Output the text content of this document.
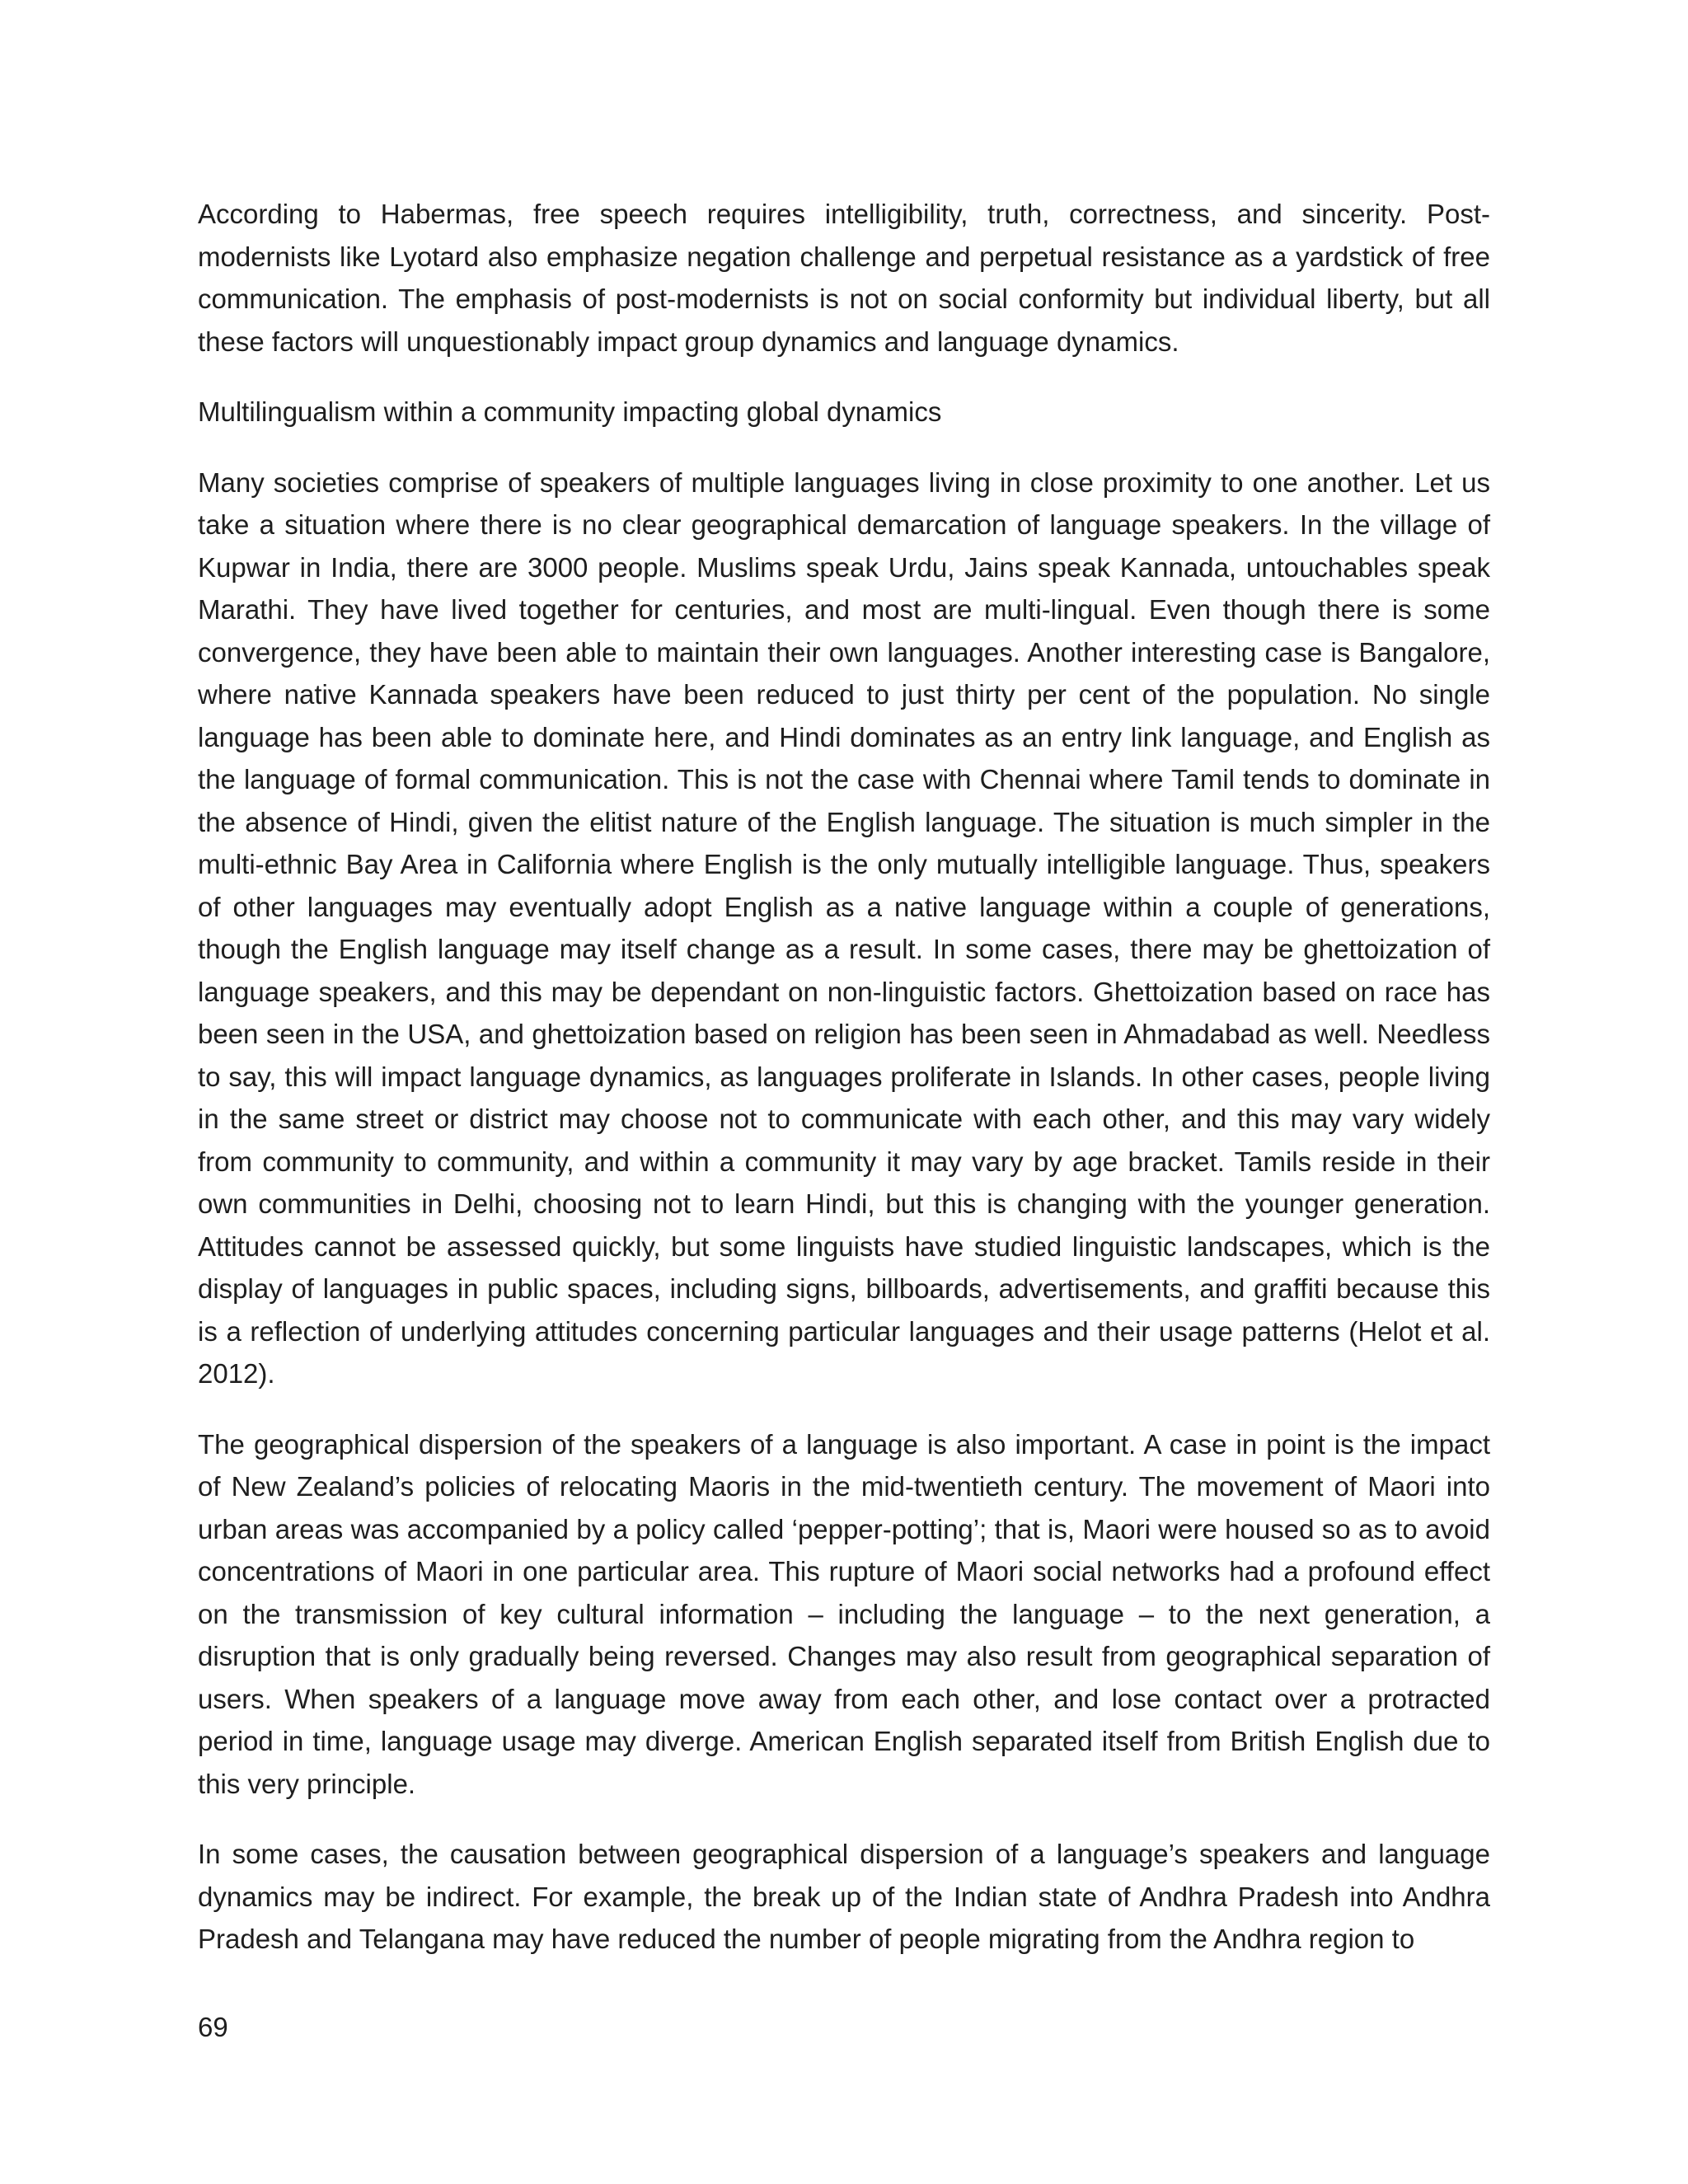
According to Habermas, free speech requires intelligibility, truth, correctness, and sincerity. Post-modernists like Lyotard also emphasize negation challenge and perpetual resistance as a yardstick of free communication. The emphasis of post-modernists is not on social conformity but individual liberty, but all these factors will unquestionably impact group dynamics and language dynamics.

Multilingualism within a community impacting global dynamics

Many societies comprise of speakers of multiple languages living in close proximity to one another. Let us take a situation where there is no clear geographical demarcation of language speakers. In the village of Kupwar in India, there are 3000 people. Muslims speak Urdu, Jains speak Kannada, untouchables speak Marathi. They have lived together for centuries, and most are multi-lingual. Even though there is some convergence, they have been able to maintain their own languages. Another interesting case is Bangalore, where native Kannada speakers have been reduced to just thirty per cent of the population. No single language has been able to dominate here, and Hindi dominates as an entry link language, and English as the language of formal communication. This is not the case with Chennai where Tamil tends to dominate in the absence of Hindi, given the elitist nature of the English language. The situation is much simpler in the multi-ethnic Bay Area in California where English is the only mutually intelligible language. Thus, speakers of other languages may eventually adopt English as a native language within a couple of generations, though the English language may itself change as a result. In some cases, there may be ghettoization of language speakers, and this may be dependant on non-linguistic factors. Ghettoization based on race has been seen in the USA, and ghettoization based on religion has been seen in Ahmadabad as well. Needless to say, this will impact language dynamics, as languages proliferate in Islands. In other cases, people living in the same street or district may choose not to communicate with each other, and this may vary widely from community to community, and within a community it may vary by age bracket. Tamils reside in their own communities in Delhi, choosing not to learn Hindi, but this is changing with the younger generation. Attitudes cannot be assessed quickly, but some linguists have studied linguistic landscapes, which is the display of languages in public spaces, including signs, billboards, advertisements, and graffiti because this is a reflection of underlying attitudes concerning particular languages and their usage patterns (Helot et al. 2012).

The geographical dispersion of the speakers of a language is also important. A case in point is the impact of New Zealand’s policies of relocating Maoris in the mid-twentieth century. The movement of Maori into urban areas was accompanied by a policy called ‘pepper-potting’; that is, Maori were housed so as to avoid concentrations of Maori in one particular area. This rupture of Maori social networks had a profound effect on the transmission of key cultural information – including the language – to the next generation, a disruption that is only gradually being reversed. Changes may also result from geographical separation of users. When speakers of a language move away from each other, and lose contact over a protracted period in time, language usage may diverge. American English separated itself from British English due to this very principle.

In some cases, the causation between geographical dispersion of a language’s speakers and language dynamics may be indirect. For example, the break up of the Indian state of Andhra Pradesh into Andhra Pradesh and Telangana may have reduced the number of people migrating from the Andhra region to

69
